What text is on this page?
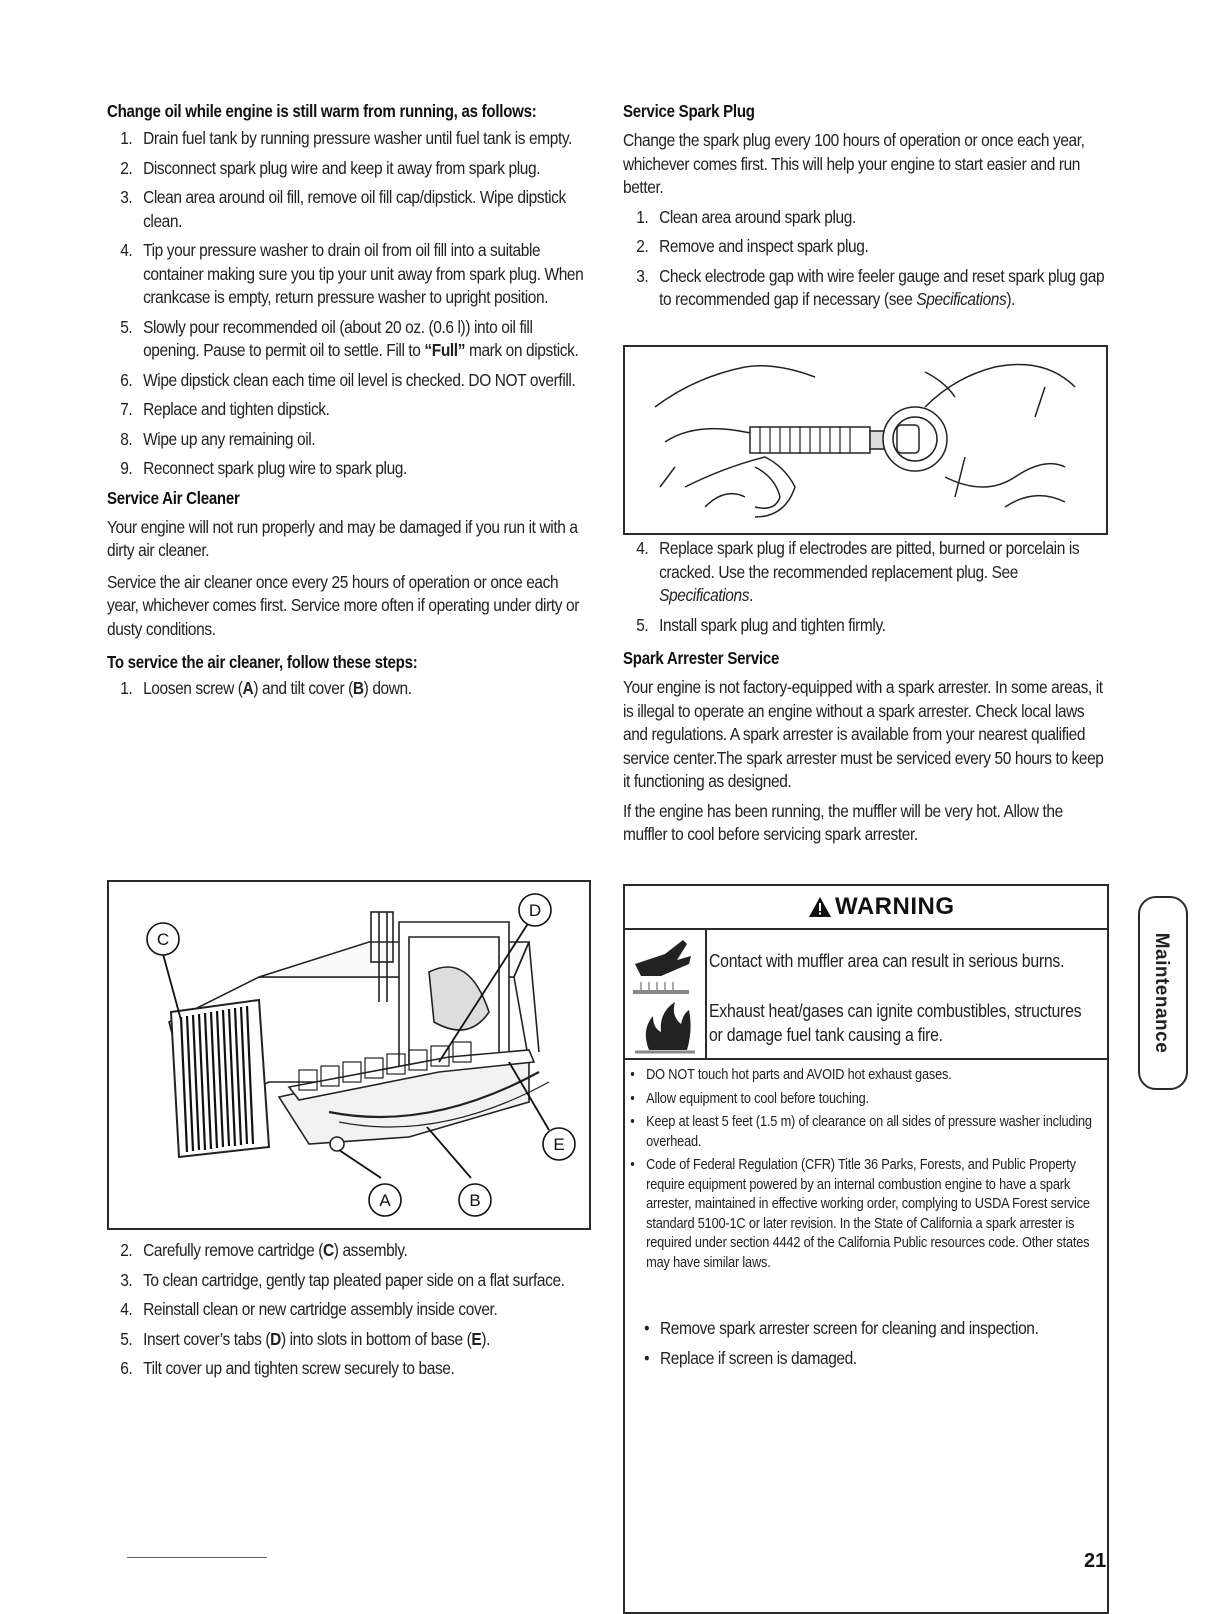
Change oil while engine is still warm from running, as follows:
1. Drain fuel tank by running pressure washer until fuel tank is empty.
2. Disconnect spark plug wire and keep it away from spark plug.
3. Clean area around oil fill, remove oil fill cap/dipstick. Wipe dipstick clean.
4. Tip your pressure washer to drain oil from oil fill into a suitable container making sure you tip your unit away from spark plug. When crankcase is empty, return pressure washer to upright position.
5. Slowly pour recommended oil (about 20 oz. (0.6 l)) into oil fill opening. Pause to permit oil to settle. Fill to “Full” mark on dipstick.
6. Wipe dipstick clean each time oil level is checked. DO NOT overfill.
7. Replace and tighten dipstick.
8. Wipe up any remaining oil.
9. Reconnect spark plug wire to spark plug.
Service Air Cleaner

Your engine will not run properly and may be damaged if you run it with a dirty air cleaner.

Service the air cleaner once every 25 hours of operation or once each year, whichever comes first. Service more often if operating under dirty or dusty conditions.

To service the air cleaner, follow these steps:
1. Loosen screw (A) and tilt cover (B) down.
C
D
E
A	B
2. Carefully remove cartridge (C) assembly.
3. To clean cartridge, gently tap pleated paper side on a flat surface.
4. Reinstall clean or new cartridge assembly inside cover.
5. Insert cover’s tabs (D) into slots in bottom of base (E).
6. Tilt cover up and tighten screw securely to base.
Service Spark Plug

Change the spark plug every 100 hours of operation or once each year, whichever comes first. This will help your engine to start easier and run better.

1. Clean area around spark plug.
2. Remove and inspect spark plug.
3. Check electrode gap with wire feeler gauge and reset spark plug gap to recommended gap if necessary (see Specifications).
4. Replace spark plug if electrodes are pitted, burned or porcelain is cracked. Use the recommended replacement plug. See Specifications.
5. Install spark plug and tighten firmly.
Spark Arrester Service

Your engine is not factory-equipped with a spark arrester. In some areas, it is illegal to operate an engine without a spark arrester. Check local laws and regulations. A spark arrester is available from your nearest qualified service center.The spark arrester must be serviced every 50 hours to keep it functioning as designed.

If the engine has been running, the muffler will be very hot. Allow the muffler to cool before servicing spark arrester.

WARNING
Contact with muffler area can result in serious burns.
Exhaust heat/gases can ignite combustibles, structures or damage fuel tank causing a fire.
• DO NOT touch hot parts and AVOID hot exhaust gases.
• Allow equipment to cool before touching.
• Keep at least 5 feet (1.5 m) of clearance on all sides of pressure washer including overhead.
• Code of Federal Regulation (CFR) Title 36 Parks, Forests, and Public Property require equipment powered by an internal combustion engine to have a spark arrester, maintained in effective working order, complying to USDA Forest service standard 5100-1C or later revision. In the State of California a spark arrester is required under section 4442 of the California Public resources code. Other states may have similar laws.
• Remove spark arrester screen for cleaning and inspection.
• Replace if screen is damaged.
Maintenance
21
